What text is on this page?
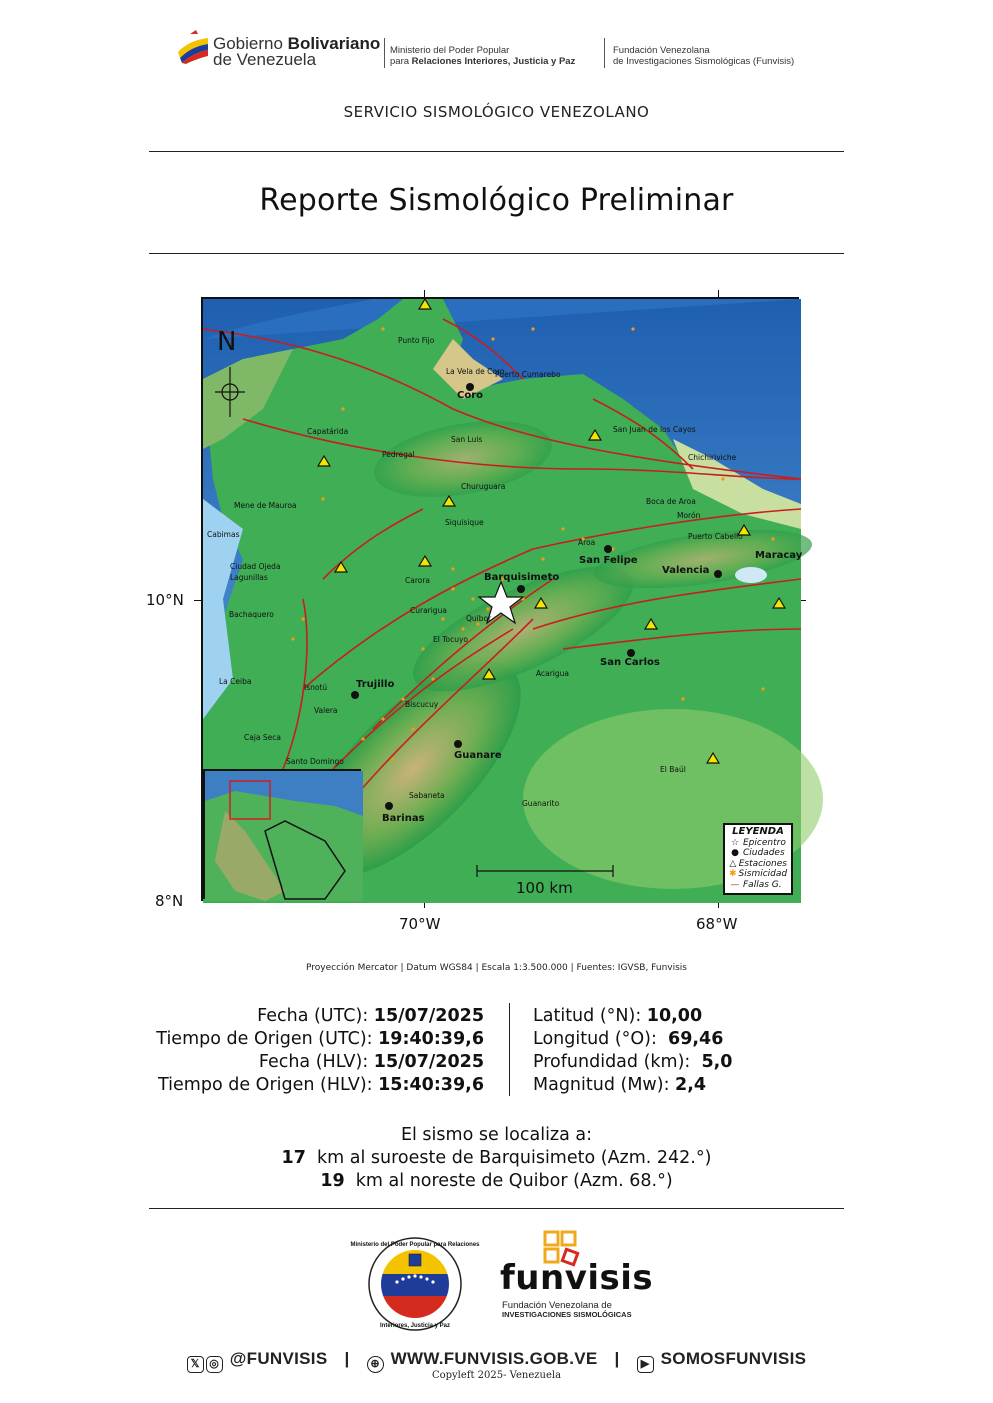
Gobierno Bolivariano
de Venezuela	Ministerio del Poder Popular
para Relaciones Interiores, Justicia y Paz
Fundación Venezolana
de Investigaciones Sismológicas (Funvisis)
SERVICIO SISMOLÓGICO VENEZOLANO
Reporte Sismológico Preliminar
10°N
8°N
70°W	68°W
N
100 km
Coro
Barquisimeto
San Felipe
Valencia
Maracay
San Carlos
Trujillo
Guanare
Barinas
Punto Fijo
La Vela de Coro
Puerto Cumarebo
Capatárida
San Luis
Pedregal
San Juan de los Cayos
Chichiriviche
Churuguara
Mene de Mauroa	Boca de Aroa
Morón
Cabimas
Siquisique
Puerto Cabello
Aroa
Ciudad Ojeda
Lagunillas	Carora
Bachaquero	Curarigua
Quibor
El Tocuyo
La Ceiba
Isnotú
Acarigua
Valera
Biscucuy
Caja Seca
Santo Domingo
El Baúl
Sabaneta
Guanarito
LEYENDA
☆ Epicentro
● Ciudades
△ Estaciones
✱ Sismicidad
— Fallas G.
Proyección Mercator | Datum WGS84 | Escala 1:3.500.000 | Fuentes: IGVSB, Funvisis
Fecha (UTC): 15/07/2025
Tiempo de Origen (UTC): 19:40:39,6
Fecha (HLV): 15/07/2025
Tiempo de Origen (HLV): 15:40:39,6
Latitud (°N): 10,00
Longitud (°O):  69,46
Profundidad (km):  5,0
Magnitud (Mw): 2,4
El sismo se localiza a:
17  km al suroeste de Barquisimeto (Azm. 242.°)
19  km al noreste de Quibor (Azm. 68.°)
Ministerio del Poder Popular para Relaciones
Interiores, Justicia y Paz
funvisis
Fundación Venezolana de
INVESTIGACIONES SISMOLÓGICAS
𝕏 ◎ @FUNVISIS | ⊕ WWW.FUNVISIS.GOB.VE | ▶ SOMOSFUNVISIS
Copyleft 2025- Venezuela
